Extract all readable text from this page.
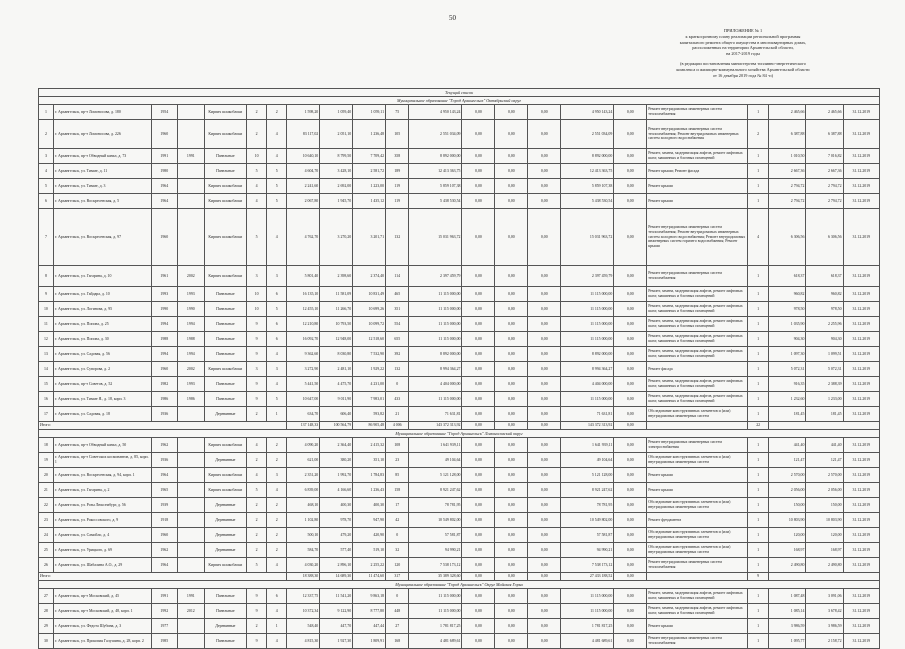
50
ПРИЛОЖЕНИЕ № 1
к краткосрочному плану реализации региональной программы
капитального ремонта общего имущества в многоквартирных домах,
расположенных на территории Архангельской области,
на 2017-2019 годы
(в редакции постановления министерства топливно-энергетического
комплекса и жилищно-коммунального хозяйства Архангельской области
от 16 декабря 2019 года № 84 -п)
Текущий список																					
Муниципальное образование "Город Архангельск" Октябрьский округ																					
1	г. Архангельск, пр-т Ломоносова, д. 180	1954		Кирпич шлакоблоки	2	2	1 598,20	1 059,40	1 059,11	75	4 950 143,24	0,00	0,00	0,00	4 950 143,24	0,00	Ремонт внутридомовых инженерных систем теплоснабжения	1	2 465,66	2 465,66	31.12.2019
2	г. Архангельск, пр-т Ломоносова, д. 226	1960		Кирпич шлакоблоки	2	4	83 117,02	2 051,10	1 236,48	105	2 551 034,09	0,00	0,00	0,00	2 551 034,09	0,00	Ремонт внутридомовых инженерных систем теплоснабжения; Ремонт внутридомовых инженерных систем холодного водоснабжения	2	6 387,88	6 387,88	31.12.2019
3	г. Архангельск, пр-т Обводный канал, д. 73	1991	1991	Панельные	10	4	10 640,10	8 799,50	7 709,42	358	8 892 000,00	0,00	0,00	0,00	8 892 000,00	0,00	Ремонт, замена, модернизация лифтов, ремонт лифтовых шахт, машинных и блочных помещений	1	1 010,50	7 016,82	31.12.2019
4	г. Архангельск, ул. Тимме, д. 11	1980		Панельные	5	5	4 604,70	3 428,10	2 581,72	189	12 413 363,75	0,00	0,00	0,00	12 413 363,75	0,00	Ремонт крыши; Ремонт фасада	1	2 667,36	2 667,36	31.12.2019
5	г. Архангельск, ул. Тимме, д. 3	1964		Кирпич шлакоблоки	4	5	2 241,60	2 692,00	1 223,00	119	5 859 107,38	0,00	0,00	0,00	5 859 107,38	0,00	Ремонт крыши	1	2 794,72	2 794,72	31.12.2019
6	г. Архангельск, ул. Воскресенская, д. 5	1964		Кирпич шлакоблоки	4	5	2 067,80	1 945,70	1 435,12	119	5 438 530,54	0,00	0,00	0,00	5 438 530,54	0,00	Ремонт крыши	1	2 794,72	2 794,72	31.12.2019
7	г. Архангельск, ул. Воскресенская, д. 97	1960		Кирпич шлакоблоки	5	4	4 762,70	3 270,20	3 201,71	132	15 031 963,72	0,00	0,00	0,00	15 031 963,72	0,00	Ремонт внутридомовых инженерных систем теплоснабжения; Ремонт внутридомовых инженерных систем холодного водоснабжения; Ремонт внутридомовых инженерных систем горячего водоснабжения; Ремонт крыши	4	6 306,56	6 306,56	31.12.2019
8	г. Архангельск, ул. Гагарина, д. 10	1961	2002	Кирпич шлакоблоки	3	3	5 801,40	2 398,60	2 374,40	114	2 397 459,79	0,00	0,00	0,00	2 397 459,79	0,00	Ремонт внутридомовых инженерных систем теплоснабжения	1	618,37	618,37	31.12.2019
9	г. Архангельск, ул. Гайдара, д. 10	1993	1993	Панельные	10	6	16 135,10	11 581,09	10 831,49	465	11 115 000,00	0,00	0,00	0,00	11 115 000,00	0,00	Ремонт, замена, модернизация лифтов, ремонт лифтовых шахт, машинных и блочных помещений	1	960,82	960,82	31.12.2019
10	г. Архангельск, ул. Логинова, д. 95	1990	1990	Панельные	10	5	12 455,10	11 266,70	10 699,26	351	11 115 000,00	0,00	0,00	0,00	11 115 000,00	0,00	Ремонт, замена, модернизация лифтов, ремонт лифтовых шахт, машинных и блочных помещений	1	978,50	978,50	31.12.2019
11	г. Архангельск, ул. Попова, д. 25	1994	1994	Панельные	9	6	12 210,80	10 793,50	10 099,72	554	11 115 000,00	0,00	0,00	0,00	11 115 000,00	0,00	Ремонт, замена, модернизация лифтов, ремонт лифтовых шахт, машинных и блочных помещений	1	1 035,90	2 255,96	31.12.2019
12	г. Архангельск, ул. Попова, д. 30	1988	1988	Панельные	9	6	16 092,70	12 948,00	12 518,60	655	11 115 000,00	0,00	0,00	0,00	11 115 000,00	0,00	Ремонт, замена, модернизация лифтов, ремонт лифтовых шахт, машинных и блочных помещений	1	904,30	904,30	31.12.2019
13	г. Архангельск, ул. Садовая, д. 56	1994	1994	Панельные	9	4	9 362,60	8 030,80	7 532,90	392	8 892 000,00	0,00	0,00	0,00	8 892 000,00	0,00	Ремонт, замена, модернизация лифтов, ремонт лифтовых шахт, машинных и блочных помещений	1	1 097,30	1 099,51	31.12.2019
14	г. Архангельск, ул. Суворова, д. 2	1960	2002	Кирпич шлакоблоки	3	3	3 272,90	2 481,10	1 929,22	132	8 994 364,27	0,00	0,00	0,00	8 994 364,27	0,00	Ремонт фасада	1	5 072,31	5 072,31	31.12.2019
15	г. Архангельск, пр-т Советов, д. 52	1982	1993	Панельные	9	4	5 441,50	4 475,70	4 231,00	0	4 404 000,00	0,00	0,00	0,00	4 404 000,00	0,00	Ремонт, замена, модернизация лифтов, ремонт лифтовых шахт, машинных и блочных помещений	1	916,35	2 388,39	31.12.2019
16	г. Архангельск, ул. Тимме Я., д. 18, корп. 3	1986	1986	Панельные	9	5	10 647,00	9 011,90	7 983,01	433	11 115 000,00	0,00	0,00	0,00	11 115 000,00	0,00	Ремонт, замена, модернизация лифтов, ремонт лифтовых шахт, машинных и блочных помещений	1	1 232,60	1 233,00	31.12.2019
17	г. Архангельск, ул. Садовая, д. 18	1936		Деревянные	2	1	634,70	606,40	593,82	21	71 631,81	0,00	0,00	0,00	71 631,81	0,00	Обследование конструктивных элементов и (или) внутридомовых инженерных систем	1	181,45	181,45	31.12.2019
Итого:							137 148,33	100 564,79	86 905,48	4 006	143 372 313,92	0,00	0,00	0,00	143 372 313,92	0,00		22			
Муниципальное образование "Город Архангельск" Ломоносовский округ																					
18	г. Архангельск, пр-т Обводный канал, д. 50	1962		Кирпич шлакоблоки	4	2	4 090,20	2 364,40	2 415,32	108	1 641 939,11	0,00	0,00	0,00	1 641 939,11	0,00	Ремонт внутридомовых инженерных систем электроснабжения	1	441,40	441,40	31.12.2019
19	г. Архангельск, пр-т Советских космонавтов, д. 85, корп. 1	1936		Деревянные	2	2	621,00	380,20	351,10	23	49 104,64	0,00	0,00	0,00	49 104,64	0,00	Обследование конструктивных элементов и (или) внутридомовых инженерных систем	1	121,47	121,47	31.12.2019
20	г. Архангельск, ул. Воскресенская, д. 94, корп. 1	1964		Кирпич шлакоблоки	4	3	2 351,20	1 992,70	1 784,83	85	5 121 128,00	0,00	0,00	0,00	5 121 128,00	0,00	Ремонт крыши	1	2 570,00	2 570,00	31.12.2019
21	г. Архангельск, ул. Гагарина, д. 2	1965		Кирпич шлакоблоки	5	4	6 839,00	4 166,60	1 236,43	158	8 921 247,62	0,00	0,00	0,00	8 921 247,62	0,00	Ремонт крыши	1	2 056,00	2 056,00	31.12.2019
22	г. Архангельск, ул. Розы Люксембург, д. 56	1939		Деревянные	2	2	468,10	400,30	400,30	17	78 781,95	0,00	0,00	0,00	78 781,95	0,00	Обследование конструктивных элементов и (или) внутридомовых инженерных систем	1	150,00	150,00	31.12.2019
23	г. Архангельск, ул. Рокоссовского, д. 9	1918		Деревянные	2	2	1 102,80	978,70	947,90	42	10 549 802,00	0,00	0,00	0,00	10 549 802,00	0,00	Ремонт фундамента	1	10 803,90	10 803,90	31.12.2019
24	г. Архангельск, ул. Самойло, д. 4	1960		Деревянные	2	2	500,10	479,20	420,90	0	57 581,87	0,00	0,00	0,00	57 581,87	0,00	Обследование конструктивных элементов и (или) внутридомовых инженерных систем	1	120,00	120,00	31.12.2019
25	г. Архангельск, ул. Урицкого, д. 69	1962		Деревянные	2	2	584,70	577,40	519,10	32	94 990,21	0,00	0,00	0,00	94 990,21	0,00	Обследование конструктивных элементов и (или) внутридомовых инженерных систем	1	168,97	168,97	31.12.2019
26	г. Архангельск, ул. Шабалина А.О., д. 29	1964		Кирпич шлакоблоки	5	4	4 030,20	2 896,10	2 255,22	120	7 538 173,12	0,00	0,00	0,00	7 538 173,12	0,00	Ремонт внутридомовых инженерных систем теплоснабжения	1	2 490,80	2 490,80	31.12.2019
Итого:							18 388,30	14 689,30	11 474,60	317	35 389 328,60	0,00	0,00	0,00	27 433 188,52	0,00		9			
Муниципальное образование "Город Архангельск" Округ Майская Горка																					
27	г. Архангельск, пр-т Московский, д. 45	1991	1991	Панельные	9	6	12 337,75	11 541,20	9 863,18	0	11 115 000,00	0,00	0,00	0,00	11 115 000,00	0,00	Ремонт, замена, модернизация лифтов, ремонт лифтовых шахт, машинных и блочных помещений	1	1 087,48	3 091,06	31.12.2019
28	г. Архангельск, пр-т Московский, д. 48, корп. 1	1992	2012	Панельные	9	4	10 372,34	9 122,90	8 777,80	448	11 115 000,00	0,00	0,00	0,00	11 115 000,00	0,00	Ремонт, замена, модернизация лифтов, ремонт лифтовых шахт, машинных и блочных помещений	1	1 085,14	3 678,42	31.12.2019
29	г. Архангельск, ул. Федота Шубина, д. 3	1977		Деревянные	2	1	548,40	447,70	447,44	27	1 781 817,25	0,00	0,00	0,00	1 781 817,25	0,00	Ремонт крыши	1	3 986,59	3 986,59	31.12.2019
30	г. Архангельск, ул. Прокопия Галушина, д. 28, корп. 2	1985		Панельные	9	4	4 815,30	1 927,30	1 809,91	168	4 481 689,61	0,00	0,00	0,00	4 481 689,61	0,00	Ремонт внутридомовых инженерных систем теплоснабжения	1	1 095,77	2 158,72	31.12.2019
